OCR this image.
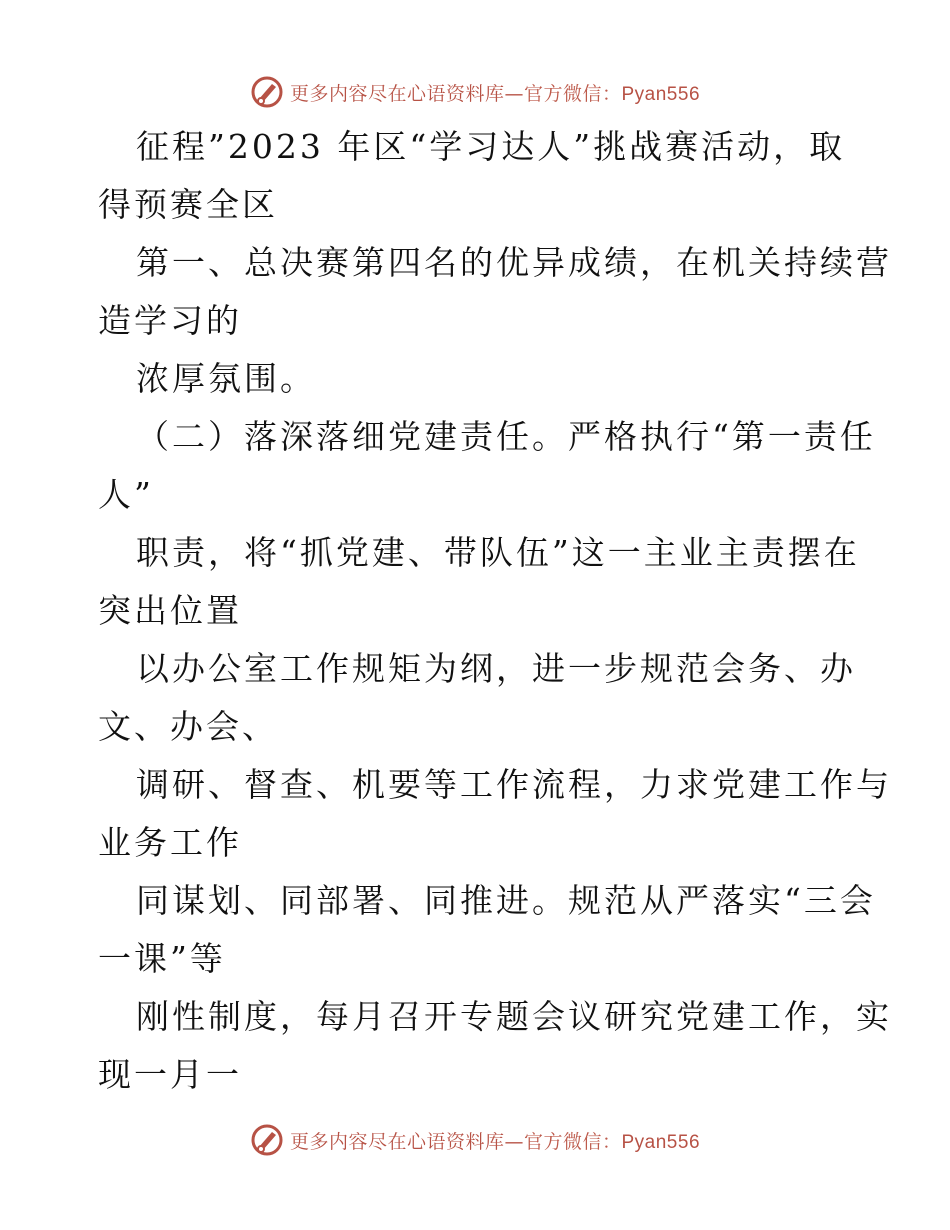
更多内容尽在心语资料库—官方微信：Pyan556
征程”2023 年区“学习达人”挑战赛活动，取
得预赛全区
第一、总决赛第四名的优异成绩，在机关持续营
造学习的
浓厚氛围。
（二）落深落细党建责任。严格执行“第一责任
人”
职责，将“抓党建、带队伍”这一主业主责摆在
突出位置
以办公室工作规矩为纲，进一步规范会务、办
文、办会、
调研、督查、机要等工作流程，力求党建工作与
业务工作
同谋划、同部署、同推进。规范从严落实“三会
一课”等
刚性制度，每月召开专题会议研究党建工作，实
现一月一
更多内容尽在心语资料库—官方微信：Pyan556
